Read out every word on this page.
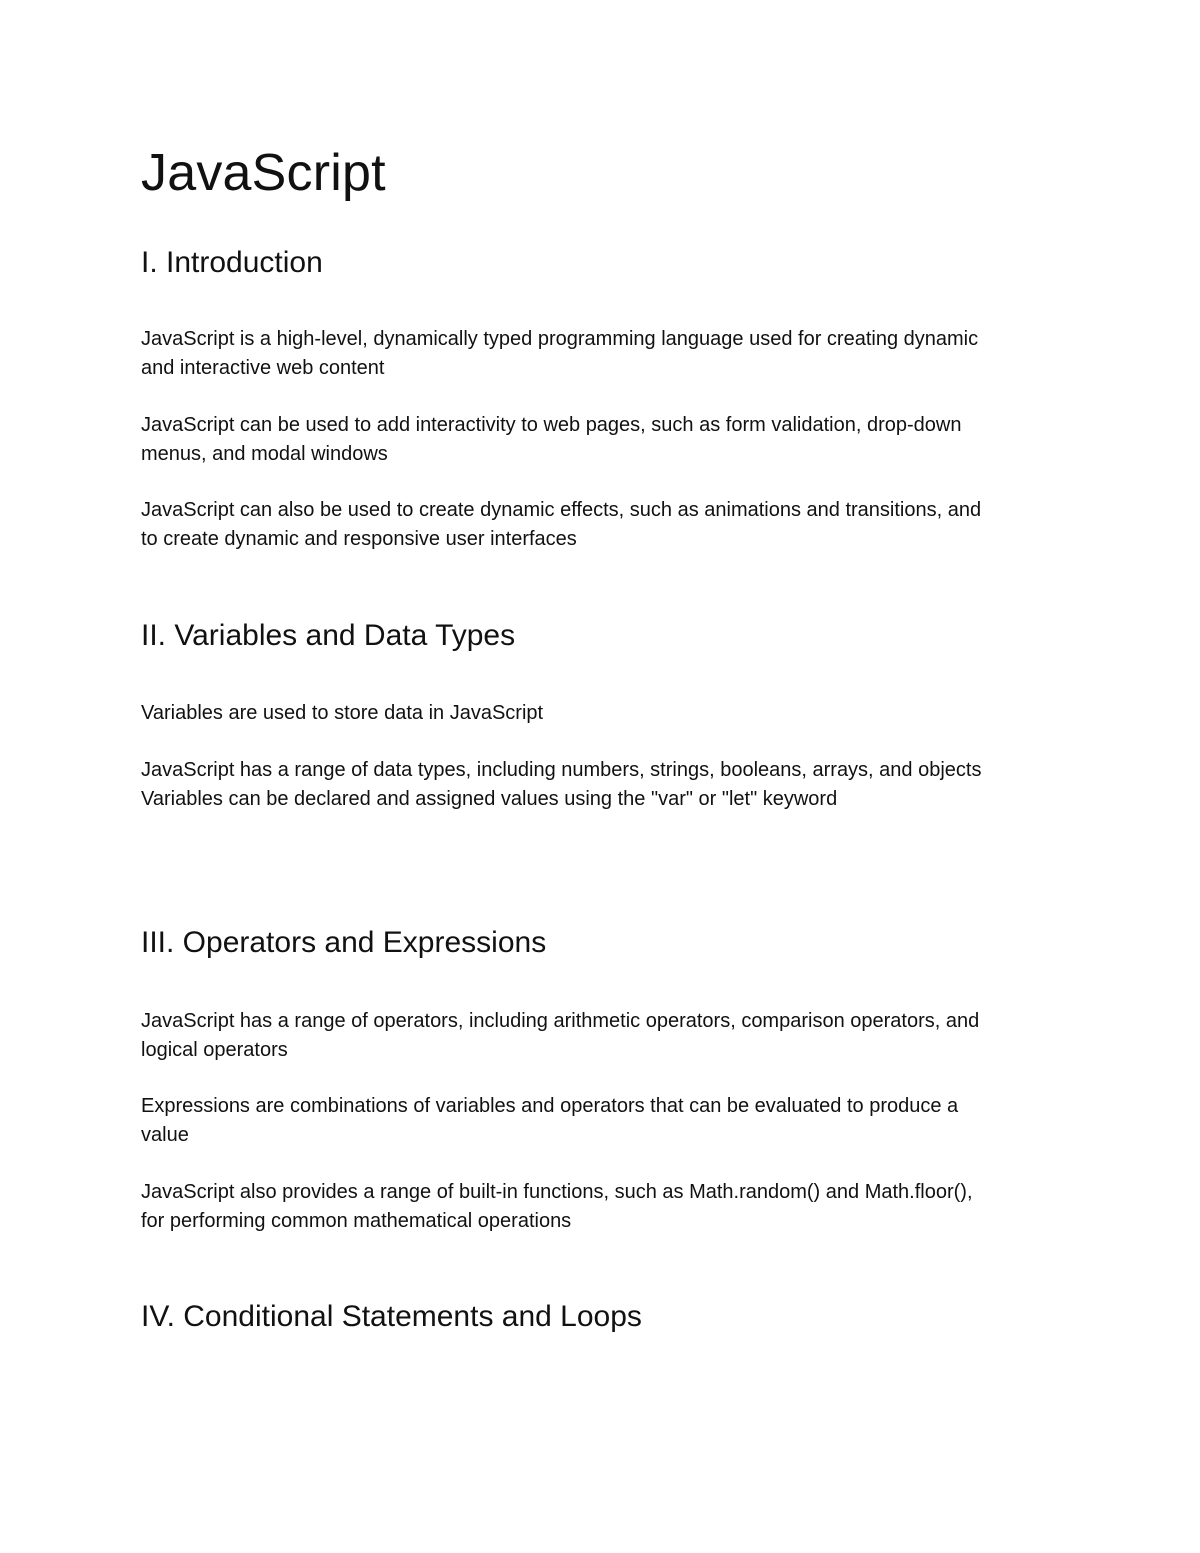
JavaScript
I. Introduction

JavaScript is a high-level, dynamically typed programming language used for creating dynamic
and interactive web content

JavaScript can be used to add interactivity to web pages, such as form validation, drop-down
menus, and modal windows

JavaScript can also be used to create dynamic effects, such as animations and transitions, and
to create dynamic and responsive user interfaces

II. Variables and Data Types

Variables are used to store data in JavaScript

JavaScript has a range of data types, including numbers, strings, booleans, arrays, and objects
Variables can be declared and assigned values using the "var" or "let" keyword

III. Operators and Expressions

JavaScript has a range of operators, including arithmetic operators, comparison operators, and
logical operators

Expressions are combinations of variables and operators that can be evaluated to produce a
value

JavaScript also provides a range of built-in functions, such as Math.random() and Math.floor(),
for performing common mathematical operations

IV. Conditional Statements and Loops
